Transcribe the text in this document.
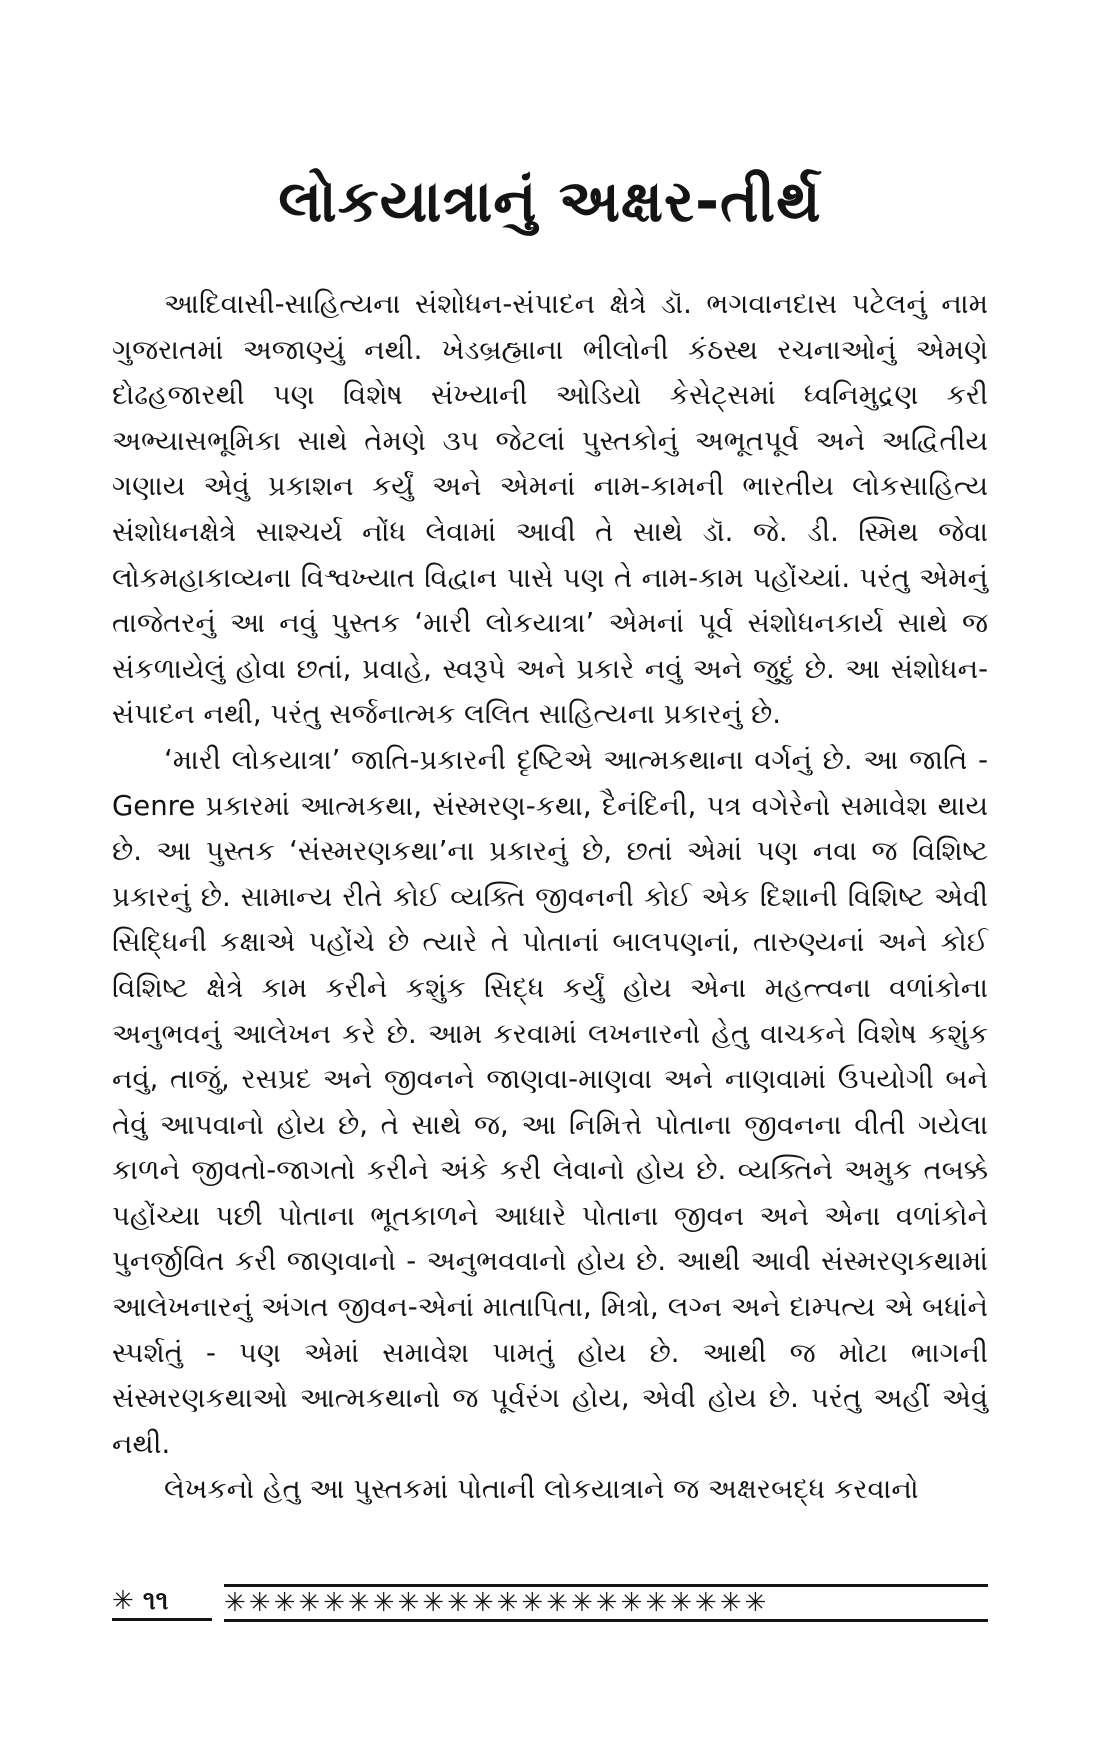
લોકયાત્રાનું અક્ષર-તીર્થ

આદિવાસી-સાહિત્યના સંશોધન-સંપાદન ક્ષેત્રે ડૉ. ભગવાનદાસ પટેલનું નામ ગુજરાતમાં અજાણ્યું નથી. ખેડબ્રહ્માના ભીલોની કંઠસ્થ રચનાઓનું એમણે દોઢહજારથી પણ વિશેષ સંખ્યાની ઓડિયો કેસેટ્સમાં ધ્વનિમુદ્રણ કરી અભ્યાસભૂમિકા સાથે તેમણે ૩૫ જેટલાં પુસ્તકોનું અભૂતપૂર્વ અને અદ્વિતીય ગણાય એવું પ્રકાશન કર્યું અને એમનાં નામ-કામની ભારતીય લોકસાહિત્ય સંશોધનક્ષેત્રે સાશ્ચર્ય નોંધ લેવામાં આવી તે સાથે ડૉ. જે. ડી. સ્મિથ જેવા લોકમહાકાવ્યના વિશ્વખ્યાત વિદ્વાન પાસે પણ તે નામ-કામ પહોંચ્યાં. પરંતુ એમનું તાજેતરનું આ નવું પુસ્તક ‘મારી લોકયાત્રા’ એમનાં પૂર્વ સંશોધનકાર્ય સાથે જ સંકળાયેલું હોવા છતાં, પ્રવાહે, સ્વરૂપે અને પ્રકારે નવું અને જુદું છે. આ સંશોધન-સંપાદન નથી, પરંતુ સર્જનાત્મક લલિત સાહિત્યના પ્રકારનું છે.

‘મારી લોકયાત્રા’ જાતિ-પ્રકારની દૃષ્ટિએ આત્મકથાના વર્ગનું છે. આ જાતિ - Genre પ્રકારમાં આત્મકથા, સંસ્મરણ-કથા, દૈનંદિની, પત્ર વગેરેનો સમાવેશ થાય છે. આ પુસ્તક ‘સંસ્મરણકથા’ના પ્રકારનું છે, છતાં એમાં પણ નવા જ વિશિષ્ટ પ્રકારનું છે. સામાન્ય રીતે કોઈ વ્યક્તિ જીવનની કોઈ એક દિશાની વિશિષ્ટ એવી સિદ્ધિની કક્ષાએ પહોંચે છે ત્યારે તે પોતાનાં બાલપણનાં, તારુણ્યનાં અને કોઈ વિશિષ્ટ ક્ષેત્રે કામ કરીને કશુંક સિદ્ધ કર્યું હોય એના મહત્ત્વના વળાંકોના અનુભવનું આલેખન કરે છે. આમ કરવામાં લખનારનો હેતુ વાચકને વિશેષ કશુંક નવું, તાજું, રસપ્રદ અને જીવનને જાણવા-માણવા અને નાણવામાં ઉપયોગી બને તેવું આપવાનો હોય છે, તે સાથે જ, આ નિમિત્તે પોતાના જીવનના વીતી ગયેલા કાળને જીવતો-જાગતો કરીને અંકે કરી લેવાનો હોય છે. વ્યક્તિને અમુક તબક્કે પહોંચ્યા પછી પોતાના ભૂતકાળને આધારે પોતાના જીવન અને એના વળાંકોને પુનર્જીવિત કરી જાણવાનો - અનુભવવાનો હોય છે. આથી આવી સંસ્મરણકથામાં આલેખનારનું અંગત જીવન-એનાં માતાપિતા, મિત્રો, લગ્ન અને દામ્પત્ય એ બધાંને સ્પર્શતું - પણ એમાં સમાવેશ પામતું હોય છે. આથી જ મોટા ભાગની સંસ્મરણકથાઓ આત્મકથાનો જ પૂર્વરંગ હોય, એવી હોય છે. પરંતુ અહીં એવું નથી.

લેખકનો હેતુ આ પુસ્તકમાં પોતાની લોકયાત્રાને જ અક્ષરબદ્ધ કરવાનો

✳ ૧૧	✳✳✳✳✳✳✳✳✳✳✳✳✳✳✳✳✳✳✳✳✳✳
